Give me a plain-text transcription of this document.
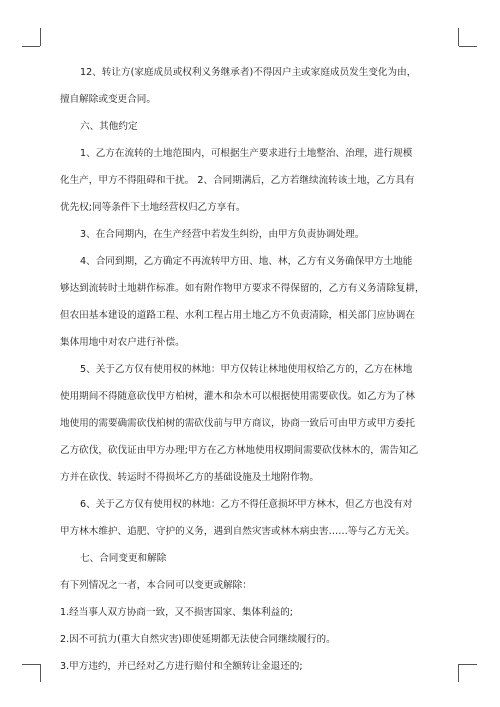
12、转让方(家庭成员或权利义务继承者)不得因户主或家庭成员发生变化为由，
擅自解除或变更合同。
六、其他约定
1、乙方在流转的土地范围内，可根据生产要求进行土地整治、治理，进行规模
化生产，甲方不得阻碍和干扰。 2、合同期满后，乙方若继续流转该土地，乙方具有
优先权;同等条件下土地经营权归乙方享有。
3、在合同期内，在生产经营中若发生纠纷，由甲方负责协调处理。
4、合同到期，乙方确定不再流转甲方田、地、林，乙方有义务确保甲方土地能
够达到流转时土地耕作标准。如有附作物甲方要求不得保留的，乙方有义务清除复耕，
但农田基本建设的道路工程、水利工程占用土地乙方不负责清除，相关部门应协调在
集体用地中对农户进行补偿。
5、关于乙方仅有使用权的林地：甲方仅转让林地使用权给乙方的，乙方在林地
使用期间不得随意砍伐甲方柏树，灌木和杂木可以根据使用需要砍伐。如乙方为了林
地使用的需要确需砍伐柏树的需砍伐前与甲方商议，协商一致后可由甲方或甲方委托
乙方砍伐，砍伐证由甲方办理;甲方在乙方林地使用权期间需要砍伐林木的，需告知乙
方并在砍伐、转运时不得损坏乙方的基础设施及土地附作物。
6、关于乙方仅有使用权的林地：乙方不得任意损坏甲方林木，但乙方也没有对
甲方林木维护、追肥、守护的义务，遇到自然灾害或林木病虫害……等与乙方无关。
七、合同变更和解除
有下列情况之一者，本合同可以变更或解除：
1.经当事人双方协商一致，又不损害国家、集体利益的;
2.因不可抗力(重大自然灾害)即使延期都无法使合同继续履行的。
3.甲方违约，并已经对乙方进行赔付和全额转让金退还的;
